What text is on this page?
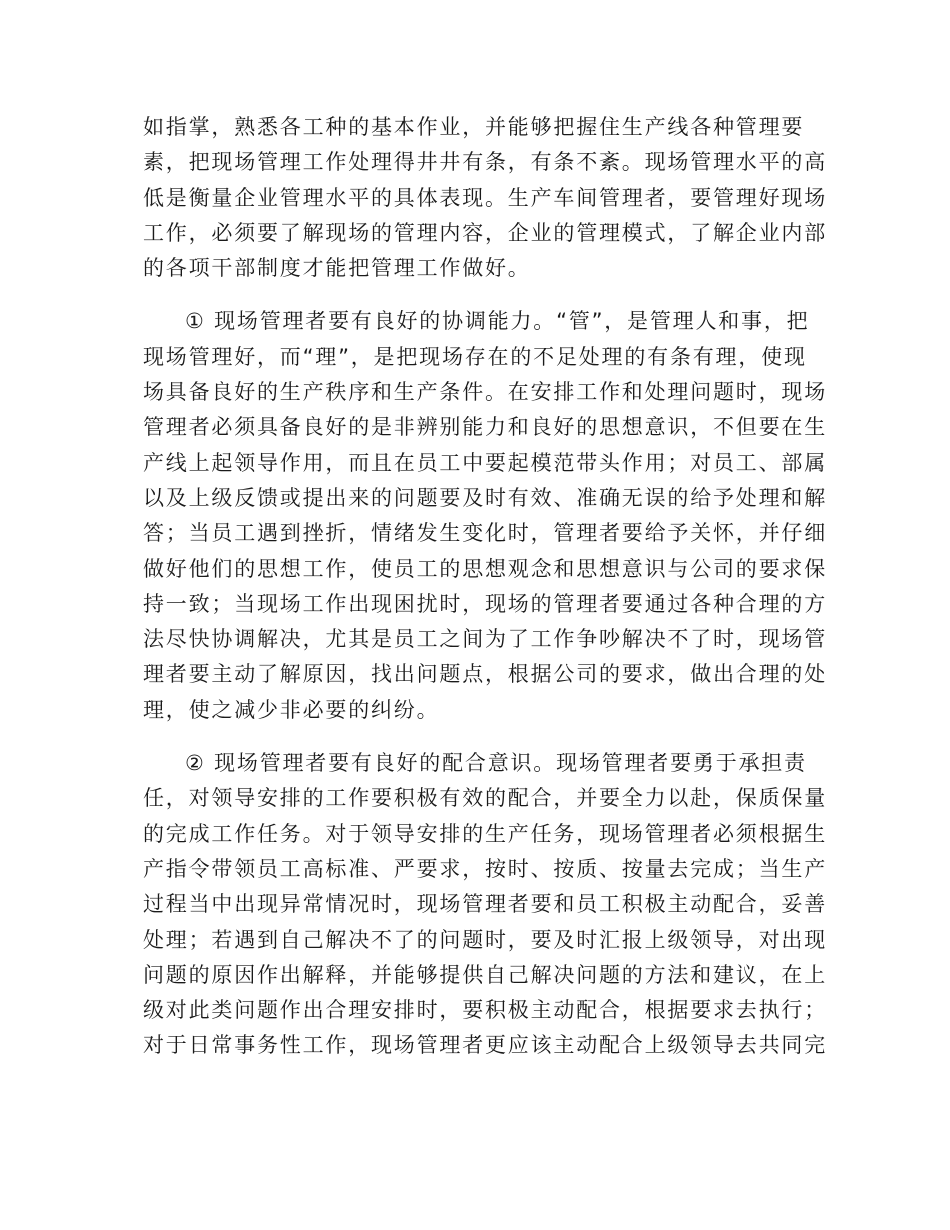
如指掌，熟悉各工种的基本作业，并能够把握住生产线各种管理要
素，把现场管理工作处理得井井有条，有条不紊。现场管理水平的高
低是衡量企业管理水平的具体表现。生产车间管理者，要管理好现场
工作，必须要了解现场的管理内容，企业的管理模式，了解企业内部
的各项干部制度才能把管理工作做好。
① 现场管理者要有良好的协调能力。“管”，是管理人和事，把
现场管理好，而“理”，是把现场存在的不足处理的有条有理，使现
场具备良好的生产秩序和生产条件。在安排工作和处理问题时，现场
管理者必须具备良好的是非辨别能力和良好的思想意识，不但要在生
产线上起领导作用，而且在员工中要起模范带头作用；对员工、部属
以及上级反馈或提出来的问题要及时有效、准确无误的给予处理和解
答；当员工遇到挫折，情绪发生变化时，管理者要给予关怀，并仔细
做好他们的思想工作，使员工的思想观念和思想意识与公司的要求保
持一致；当现场工作出现困扰时，现场的管理者要通过各种合理的方
法尽快协调解决，尤其是员工之间为了工作争吵解决不了时，现场管
理者要主动了解原因，找出问题点，根据公司的要求，做出合理的处
理，使之减少非必要的纠纷。
② 现场管理者要有良好的配合意识。现场管理者要勇于承担责
任，对领导安排的工作要积极有效的配合，并要全力以赴，保质保量
的完成工作任务。对于领导安排的生产任务，现场管理者必须根据生
产指令带领员工高标准、严要求，按时、按质、按量去完成；当生产
过程当中出现异常情况时，现场管理者要和员工积极主动配合，妥善
处理；若遇到自己解决不了的问题时，要及时汇报上级领导，对出现
问题的原因作出解释，并能够提供自己解决问题的方法和建议，在上
级对此类问题作出合理安排时，要积极主动配合，根据要求去执行；
对于日常事务性工作，现场管理者更应该主动配合上级领导去共同完
